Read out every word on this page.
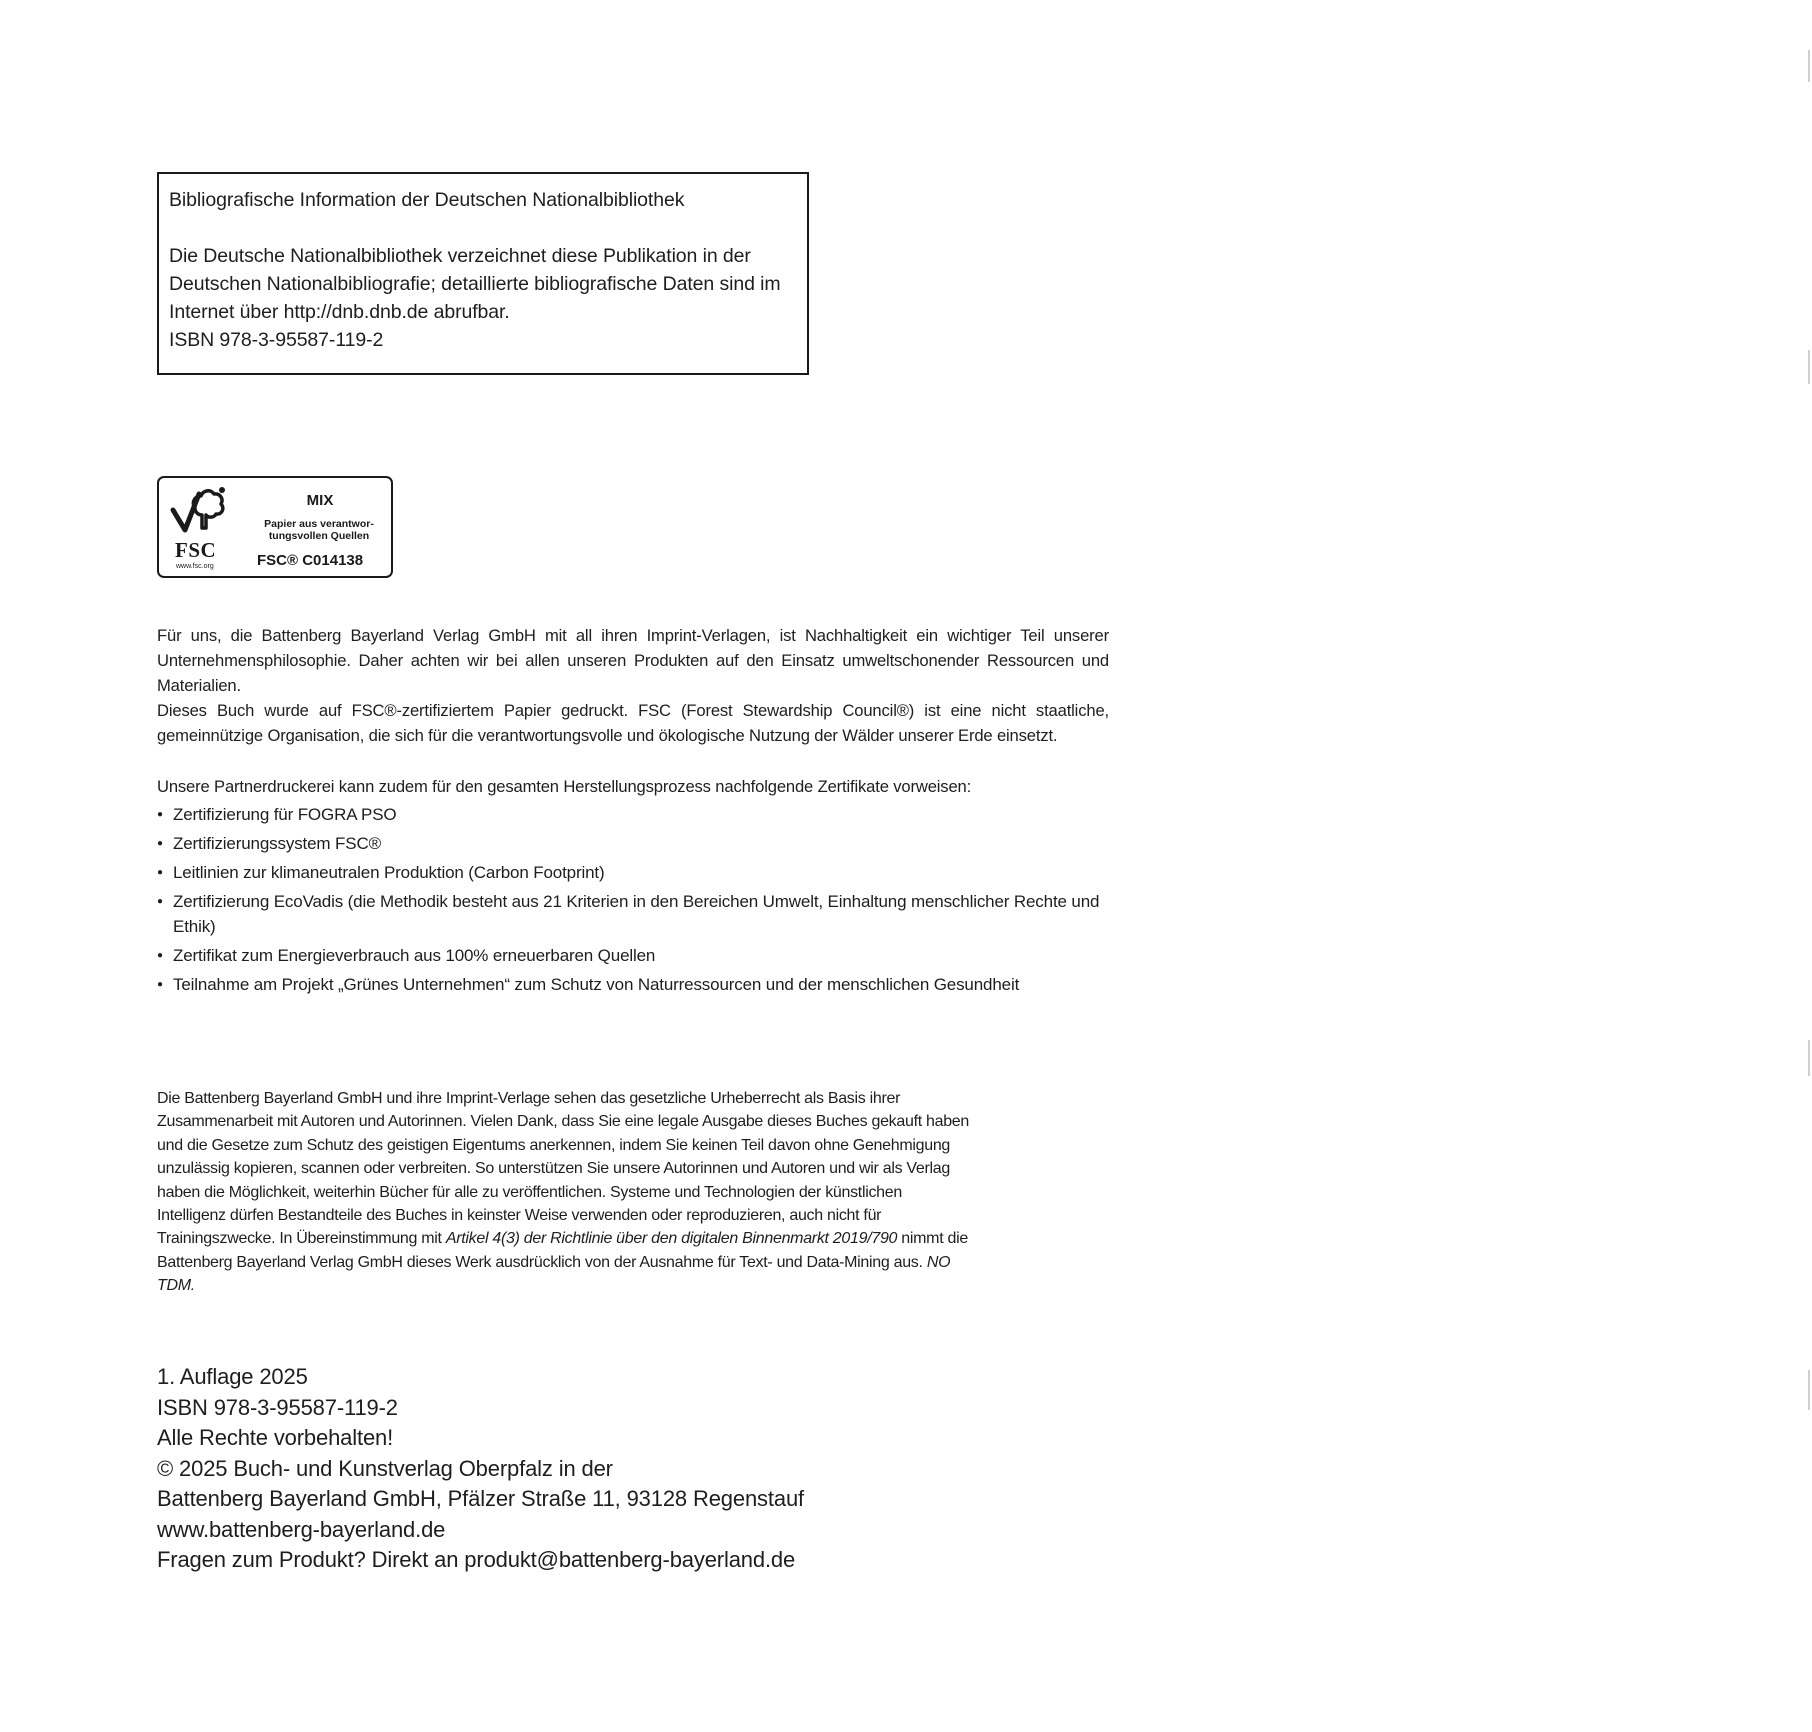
Bibliografische Information der Deutschen Nationalbibliothek
Die Deutsche Nationalbibliothek verzeichnet diese Publikation in der
Deutschen Nationalbibliografie; detaillierte bibliografische Daten sind im
Internet über http://dnb.dnb.de abrufbar.
ISBN 978-3-95587-119-2
FSC
www.fsc.org
MIX
Papier aus verantwor-
tungsvollen Quellen
FSC® C014138

Für uns, die Battenberg Bayerland Verlag GmbH mit all ihren Imprint-Verlagen, ist Nachhaltigkeit ein wichtiger Teil unserer Unternehmensphilosophie. Daher achten wir bei allen unseren Produkten auf den Einsatz umweltschonender Ressourcen und Materialien.

Dieses Buch wurde auf FSC®-zertifiziertem Papier gedruckt. FSC (Forest Stewardship Council®) ist eine nicht staatliche, gemeinnützige Organisation, die sich für die verantwortungsvolle und ökologische Nutzung der Wälder unserer Erde einsetzt.

Unsere Partnerdruckerei kann zudem für den gesamten Herstellungsprozess nachfolgende Zertifikate vorweisen:

● Zertifizierung für FOGRA PSO
● Zertifizierungssystem FSC®
● Leitlinien zur klimaneutralen Produktion (Carbon Footprint)
● Zertifizierung EcoVadis (die Methodik besteht aus 21 Kriterien in den Bereichen Umwelt, Einhaltung menschlicher Rechte und Ethik)
● Zertifikat zum Energieverbrauch aus 100% erneuerbaren Quellen
● Teilnahme am Projekt „Grünes Unternehmen“ zum Schutz von Naturressourcen und der menschlichen Gesundheit

Die Battenberg Bayerland GmbH und ihre Imprint-Verlage sehen das gesetzliche Urheberrecht als Basis ihrer Zusammenarbeit mit Autoren und Autorinnen. Vielen Dank, dass Sie eine legale Ausgabe dieses Buches gekauft haben und die Gesetze zum Schutz des geistigen Eigentums anerkennen, indem Sie keinen Teil davon ohne Genehmigung unzulässig kopieren, scannen oder verbreiten. So unterstützen Sie unsere Autorinnen und Autoren und wir als Verlag haben die Möglichkeit, weiterhin Bücher für alle zu veröffentlichen. Systeme und Technologien der künstlichen Intelligenz dürfen Bestandteile des Buches in keinster Weise verwenden oder reproduzieren, auch nicht für Trainingszwecke. In Übereinstimmung mit Artikel 4(3) der Richtlinie über den digitalen Binnenmarkt 2019/790 nimmt die Battenberg Bayerland Verlag GmbH dieses Werk ausdrücklich von der Ausnahme für Text- und Data-Mining aus. NO TDM.

1. Auflage 2025
ISBN 978-3-95587-119-2
Alle Rechte vorbehalten!
© 2025 Buch- und Kunstverlag Oberpfalz in der
Battenberg Bayerland GmbH, Pfälzer Straße 11, 93128 Regenstauf
www.battenberg-bayerland.de
Fragen zum Produkt? Direkt an produkt@battenberg-bayerland.de
